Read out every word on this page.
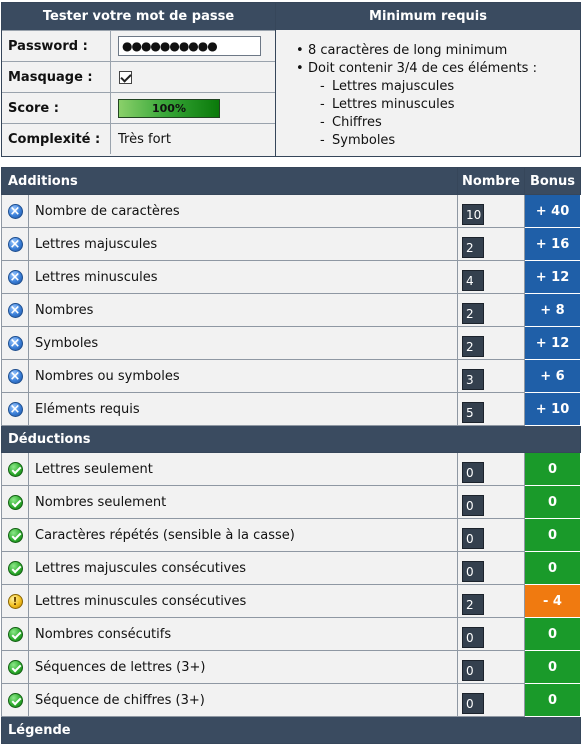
Tester votre mot de passe
Password :	●●●●●●●●●●
Masquage :
Score :	100%
Complexité :	Très fort
Minimum requis
• 8 caractères de long minimum
• Doit contenir 3/4 de ces éléments :
- Lettres majuscules
- Lettres minuscules
- Chiffres
- Symboles
Additions		Nombre	Bonus
×	Nombre de caractères	10	+ 40
×	Lettres majuscules	2	+ 16
×	Lettres minuscules	4	+ 12
×	Nombres	2	+ 8
×	Symboles	2	+ 12
×	Nombres ou symboles	3	+ 6
×	Eléments requis	5	+ 10
Déductions			
	Lettres seulement	0	0
	Nombres seulement	0	0
	Caractères répétés (sensible à la casse)	0	0
	Lettres majuscules consécutives	0	0
!	Lettres minuscules consécutives	2	- 4
	Nombres consécutifs	0	0
	Séquences de lettres (3+)	0	0
	Séquence de chiffres (3+)	0	0
Légende			
